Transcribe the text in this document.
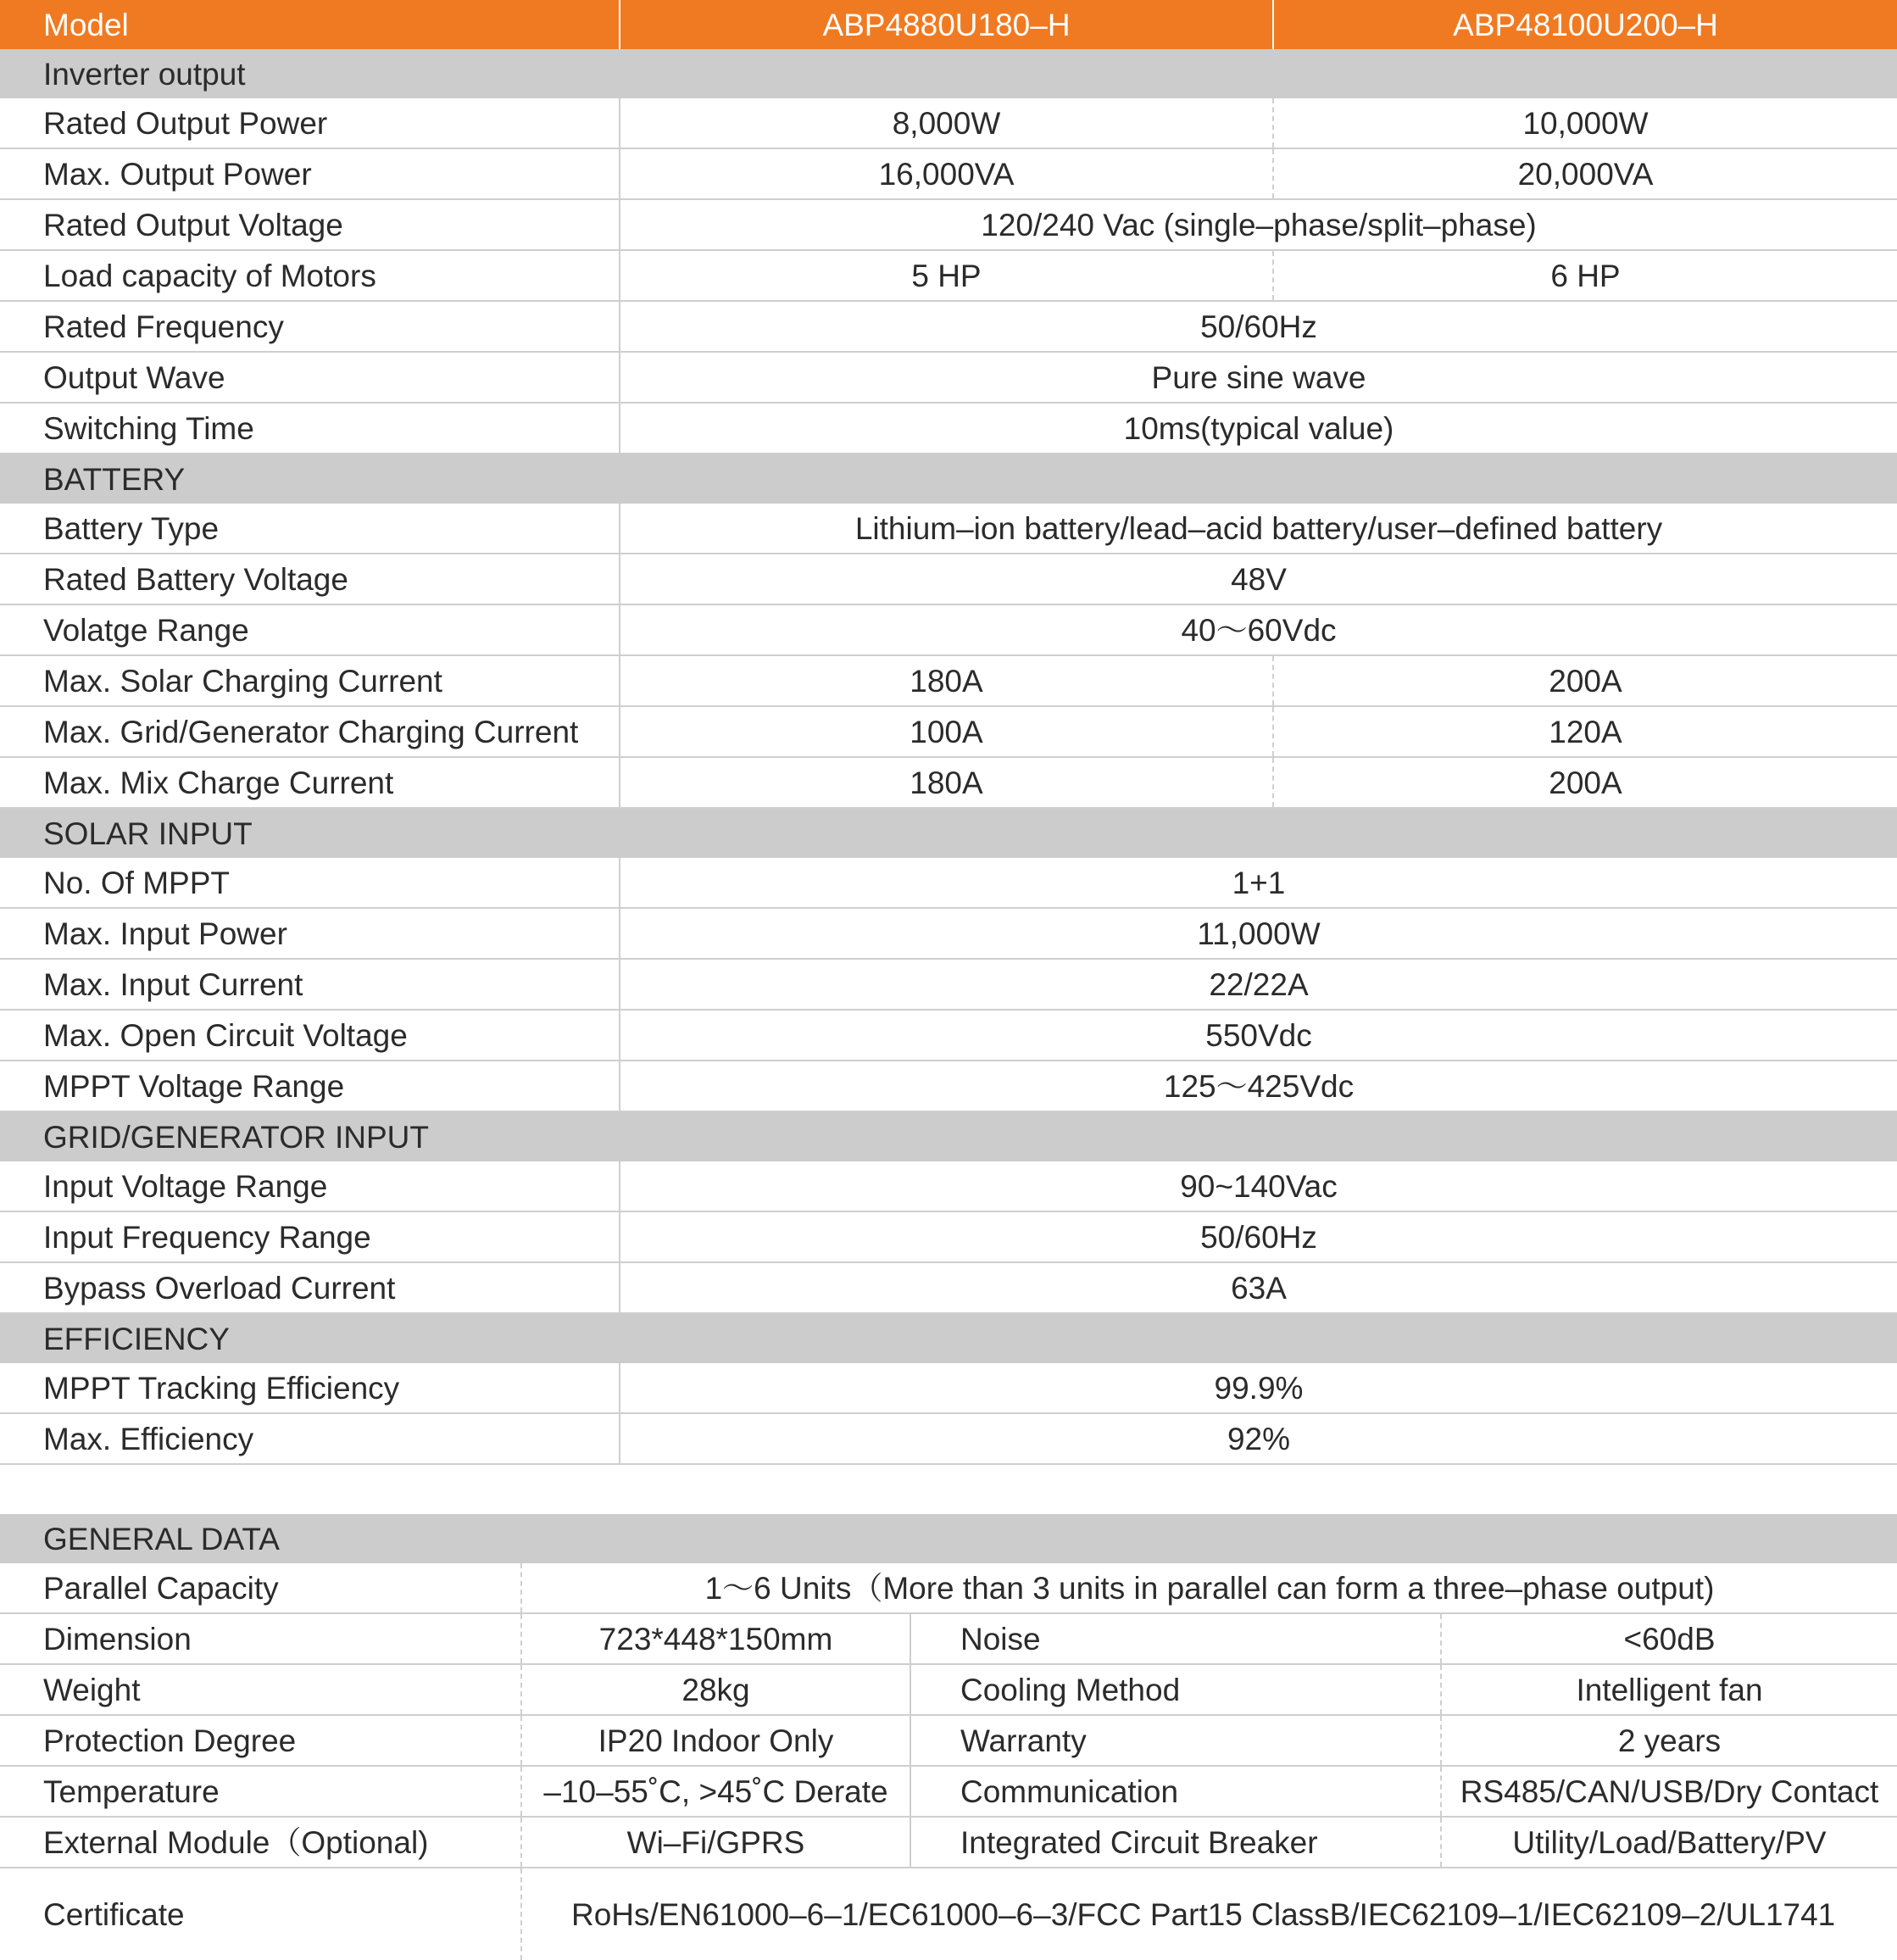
Model	ABP4880U180–H	ABP48100U200–H
Inverter output		
Rated Output Power	8,000W	10,000W
Max. Output Power	16,000VA	20,000VA
Rated Output Voltage	120/240 Vac (single–phase/split–phase)	
Load capacity of Motors	5 HP	6 HP
Rated Frequency	50/60Hz	
Output Wave	Pure sine wave	
Switching Time	10ms(typical value)	
BATTERY		
Battery Type	Lithium–ion battery/lead–acid battery/user–defined battery	
Rated Battery Voltage	48V	
Volatge Range	40～60Vdc	
Max. Solar Charging Current	180A	200A
Max. Grid/Generator Charging Current	100A	120A
Max. Mix Charge Current	180A	200A
SOLAR INPUT		
No. Of MPPT	1+1	
Max. Input Power	11,000W	
Max. Input Current	22/22A	
Max. Open Circuit Voltage	550Vdc	
MPPT Voltage Range	125～425Vdc	
GRID/GENERATOR INPUT		
Input Voltage Range	90~140Vac	
Input Frequency Range	50/60Hz	
Bypass Overload Current	63A	
EFFICIENCY		
MPPT Tracking Efficiency	99.9%	
Max. Efficiency	92%	
GENERAL DATA			
Parallel Capacity	1～6 Units（More than 3 units in parallel can form a three–phase output)		
Dimension	723*448*150mm	Noise	<60dB
Weight	28kg	Cooling Method	Intelligent fan
Protection Degree	IP20 Indoor Only	Warranty	2 years
Temperature	–10–55˚C, >45˚C Derate	Communication	RS485/CAN/USB/Dry Contact
External Module（Optional)	Wi–Fi/GPRS	Integrated Circuit Breaker	Utility/Load/Battery/PV
Certificate	RoHs/EN61000–6–1/EC61000–6–3/FCC Part15 ClassB/IEC62109–1/IEC62109–2/UL1741		
